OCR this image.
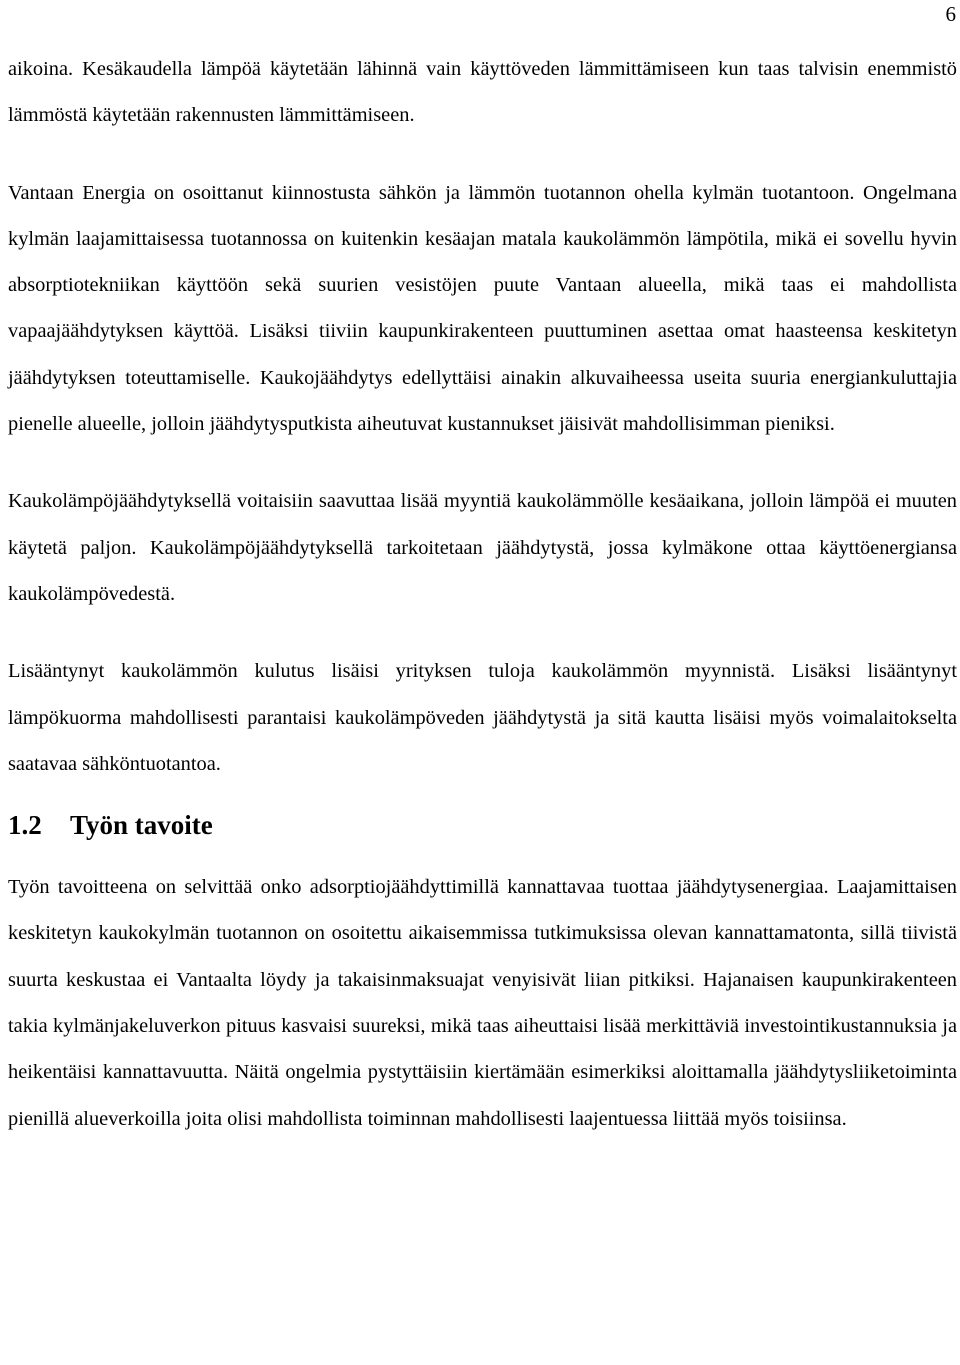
6

aikoina. Kesäkaudella lämpöä käytetään lähinnä vain käyttöveden lämmittämiseen kun taas talvisin enemmistö lämmöstä käytetään rakennusten lämmittämiseen.

Vantaan Energia on osoittanut kiinnostusta sähkön ja lämmön tuotannon ohella kylmän tuotantoon. Ongelmana kylmän laajamittaisessa tuotannossa on kuitenkin kesäajan matala kaukolämmön lämpötila, mikä ei sovellu hyvin absorptiotekniikan käyttöön sekä suurien vesistöjen puute Vantaan alueella, mikä taas ei mahdollista vapaajäähdytyksen käyttöä. Lisäksi tiiviin kaupunkirakenteen puuttuminen asettaa omat haasteensa keskitetyn jäähdytyksen toteuttamiselle. Kaukojäähdytys edellyttäisi ainakin alkuvaiheessa useita suuria energiankuluttajia pienelle alueelle, jolloin jäähdytysputkista aiheutuvat kustannukset jäisivät mahdollisimman pieniksi.

Kaukolämpöjäähdytyksellä voitaisiin saavuttaa lisää myyntiä kaukolämmölle kesäaikana, jolloin lämpöä ei muuten käytetä paljon. Kaukolämpöjäähdytyksellä tarkoitetaan jäähdytystä, jossa kylmäkone ottaa käyttöenergiansa kaukolämpövedestä.

Lisääntynyt kaukolämmön kulutus lisäisi yrityksen tuloja kaukolämmön myynnistä. Lisäksi lisääntynyt lämpökuorma mahdollisesti parantaisi kaukolämpöveden jäähdytystä ja sitä kautta lisäisi myös voimalaitokselta saatavaa sähköntuotantoa.

1.2	Työn tavoite

Työn tavoitteena on selvittää onko adsorptiojäähdyttimillä kannattavaa tuottaa jäähdytysenergiaa. Laajamittaisen keskitetyn kaukokylmän tuotannon on osoitettu aikaisemmissa tutkimuksissa olevan kannattamatonta, sillä tiivistä suurta keskustaa ei Vantaalta löydy ja takaisinmaksuajat venyisivät liian pitkiksi. Hajanaisen kaupunkirakenteen takia kylmänjakeluverkon pituus kasvaisi suureksi, mikä taas aiheuttaisi lisää merkittäviä investointikustannuksia ja heikentäisi kannattavuutta. Näitä ongelmia pystyttäisiin kiertämään esimerkiksi aloittamalla jäähdytysliiketoiminta pienillä alueverkoilla joita olisi mahdollista toiminnan mahdollisesti laajentuessa liittää myös toisiinsa.
